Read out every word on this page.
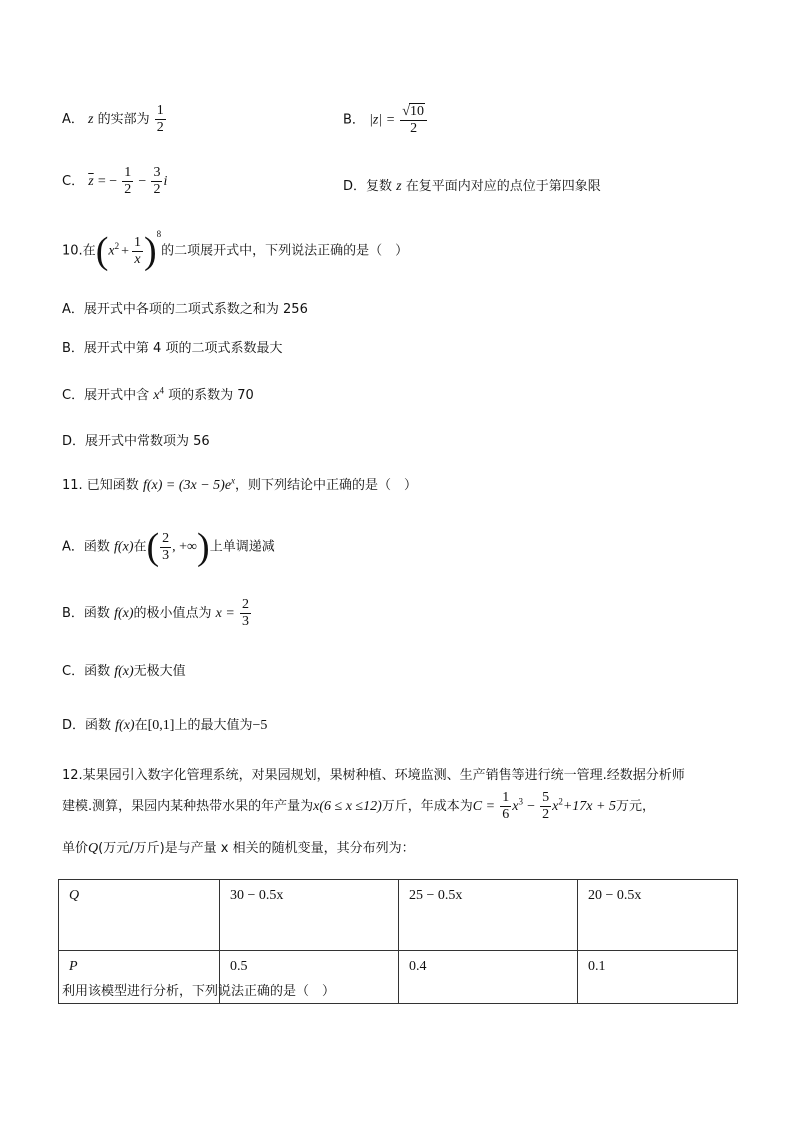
A． z 的实部为 $\frac{1}{2}$	B． $|z| = \frac{√10}{2}$
C． $\overline{z}$ = − $\frac{1}{2} - \frac{3}{2}$ i	D．复数 z 在复平面内对应的点位于第四象限
10.在$(x^2 + \frac{1}{x} )^8$的二项展开式中，下列说法正确的是（　）
A．展开式中各项的二项式系数之和为 256
B．展开式中第 4 项的二项式系数最大
C．展开式中含 $x^4$ 项的系数为 70
D．展开式中常数项为 56
11. 已知函数 $f(x) = (3x - 5)e^x$，则下列结论中正确的是（　）
A．函数 f(x)在( $\frac{2}{3}$ , +∞)上单调递减
B．函数 f(x)的极小值点为 $x = \frac{2}{3}$
C．函数 f(x)无极大值
D．函数 f(x)在[0,1]上的最大值为−5
12.某果园引入数字化管理系统，对果园规划，果树种植、环境监测、生产销售等进行统一管理.经数据分析师
建模.测算，果园内某种热带水果的年产量为x(6 ≤ x ≤12)万斤，年成本为$C = \frac{1}{6} x^3 - \frac{5}{2} x^2+17x + 5$万元，
单价Q(万元/万斤)是与产量 x 相关的随机变量，其分布列为：
Q	30 − 0.5x	25 − 0.5x	20 − 0.5x
P	0.5	0.4	0.1
利用该模型进行分析，下列说法正确的是（　）
